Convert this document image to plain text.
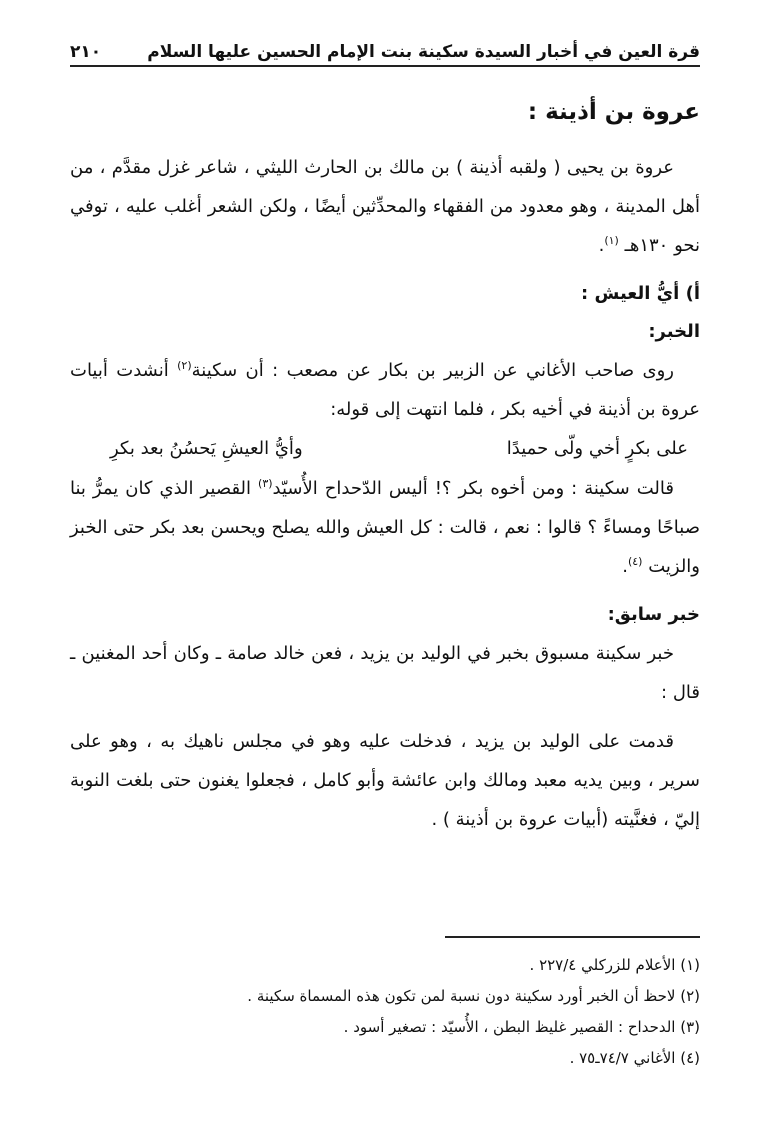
قرة العين في أخبار السيدة سكينة بنت الإمام الحسين عليها السلام
٢١٠
عروة بن أذينة :

عروة بن يحيى ( ولقبه أذينة ) بن مالك بن الحارث الليثي ، شاعر غزل مقدَّم ، من أهل المدينة ، وهو معدود من الفقهاء والمحدِّثين أيضًا ، ولكن الشعر أغلب عليه ، توفي نحو ١٣٠هـ $^{(١)}$.

أ) أيُّ العيش :
الخبر:

روى صاحب الأغاني عن الزبير بن بكار عن مصعب : أن سكينة$^{(٢)}$ أنشدت أبيات عروة بن أذينة في أخيه بكر ، فلما انتهت إلى قوله:

على بكرٍ أخي ولّى حميدًا
وأيُّ العيشِ يَحسُنُ بعد بكرِ

قالت سكينة : ومن أخوه بكر ؟! أليس الدّحداح الأُسيّد$^{(٣)}$ القصير الذي كان يمرُّ بنا صباحًا ومساءً ؟ قالوا : نعم ، قالت : كل العيش والله يصلح ويحسن بعد بكر حتى الخبز والزيت $^{(٤)}$.

خبر سابق:

خبر سكينة مسبوق بخبر في الوليد بن يزيد ، فعن خالد صامة ـ وكان أحد المغنين ـ قال :

قدمت على الوليد بن يزيد ، فدخلت عليه وهو في مجلس ناهيك به ، وهو على سرير ، وبين يديه معبد ومالك وابن عائشة وأبو كامل ، فجعلوا يغنون حتى بلغت النوبة إليّ ، فغنَّيته (أبيات عروة بن أذينة ) .

(١) الأعلام للزركلي ٢٢٧/٤ .
(٢) لاحظ أن الخبر أورد سكينة دون نسبة لمن تكون هذه المسماة سكينة .
(٣) الدحداح : القصير غليظ البطن ، الأُسيّد : تصغير أسود .
(٤) الأغاني ٧٤/٧ـ٧٥ .
